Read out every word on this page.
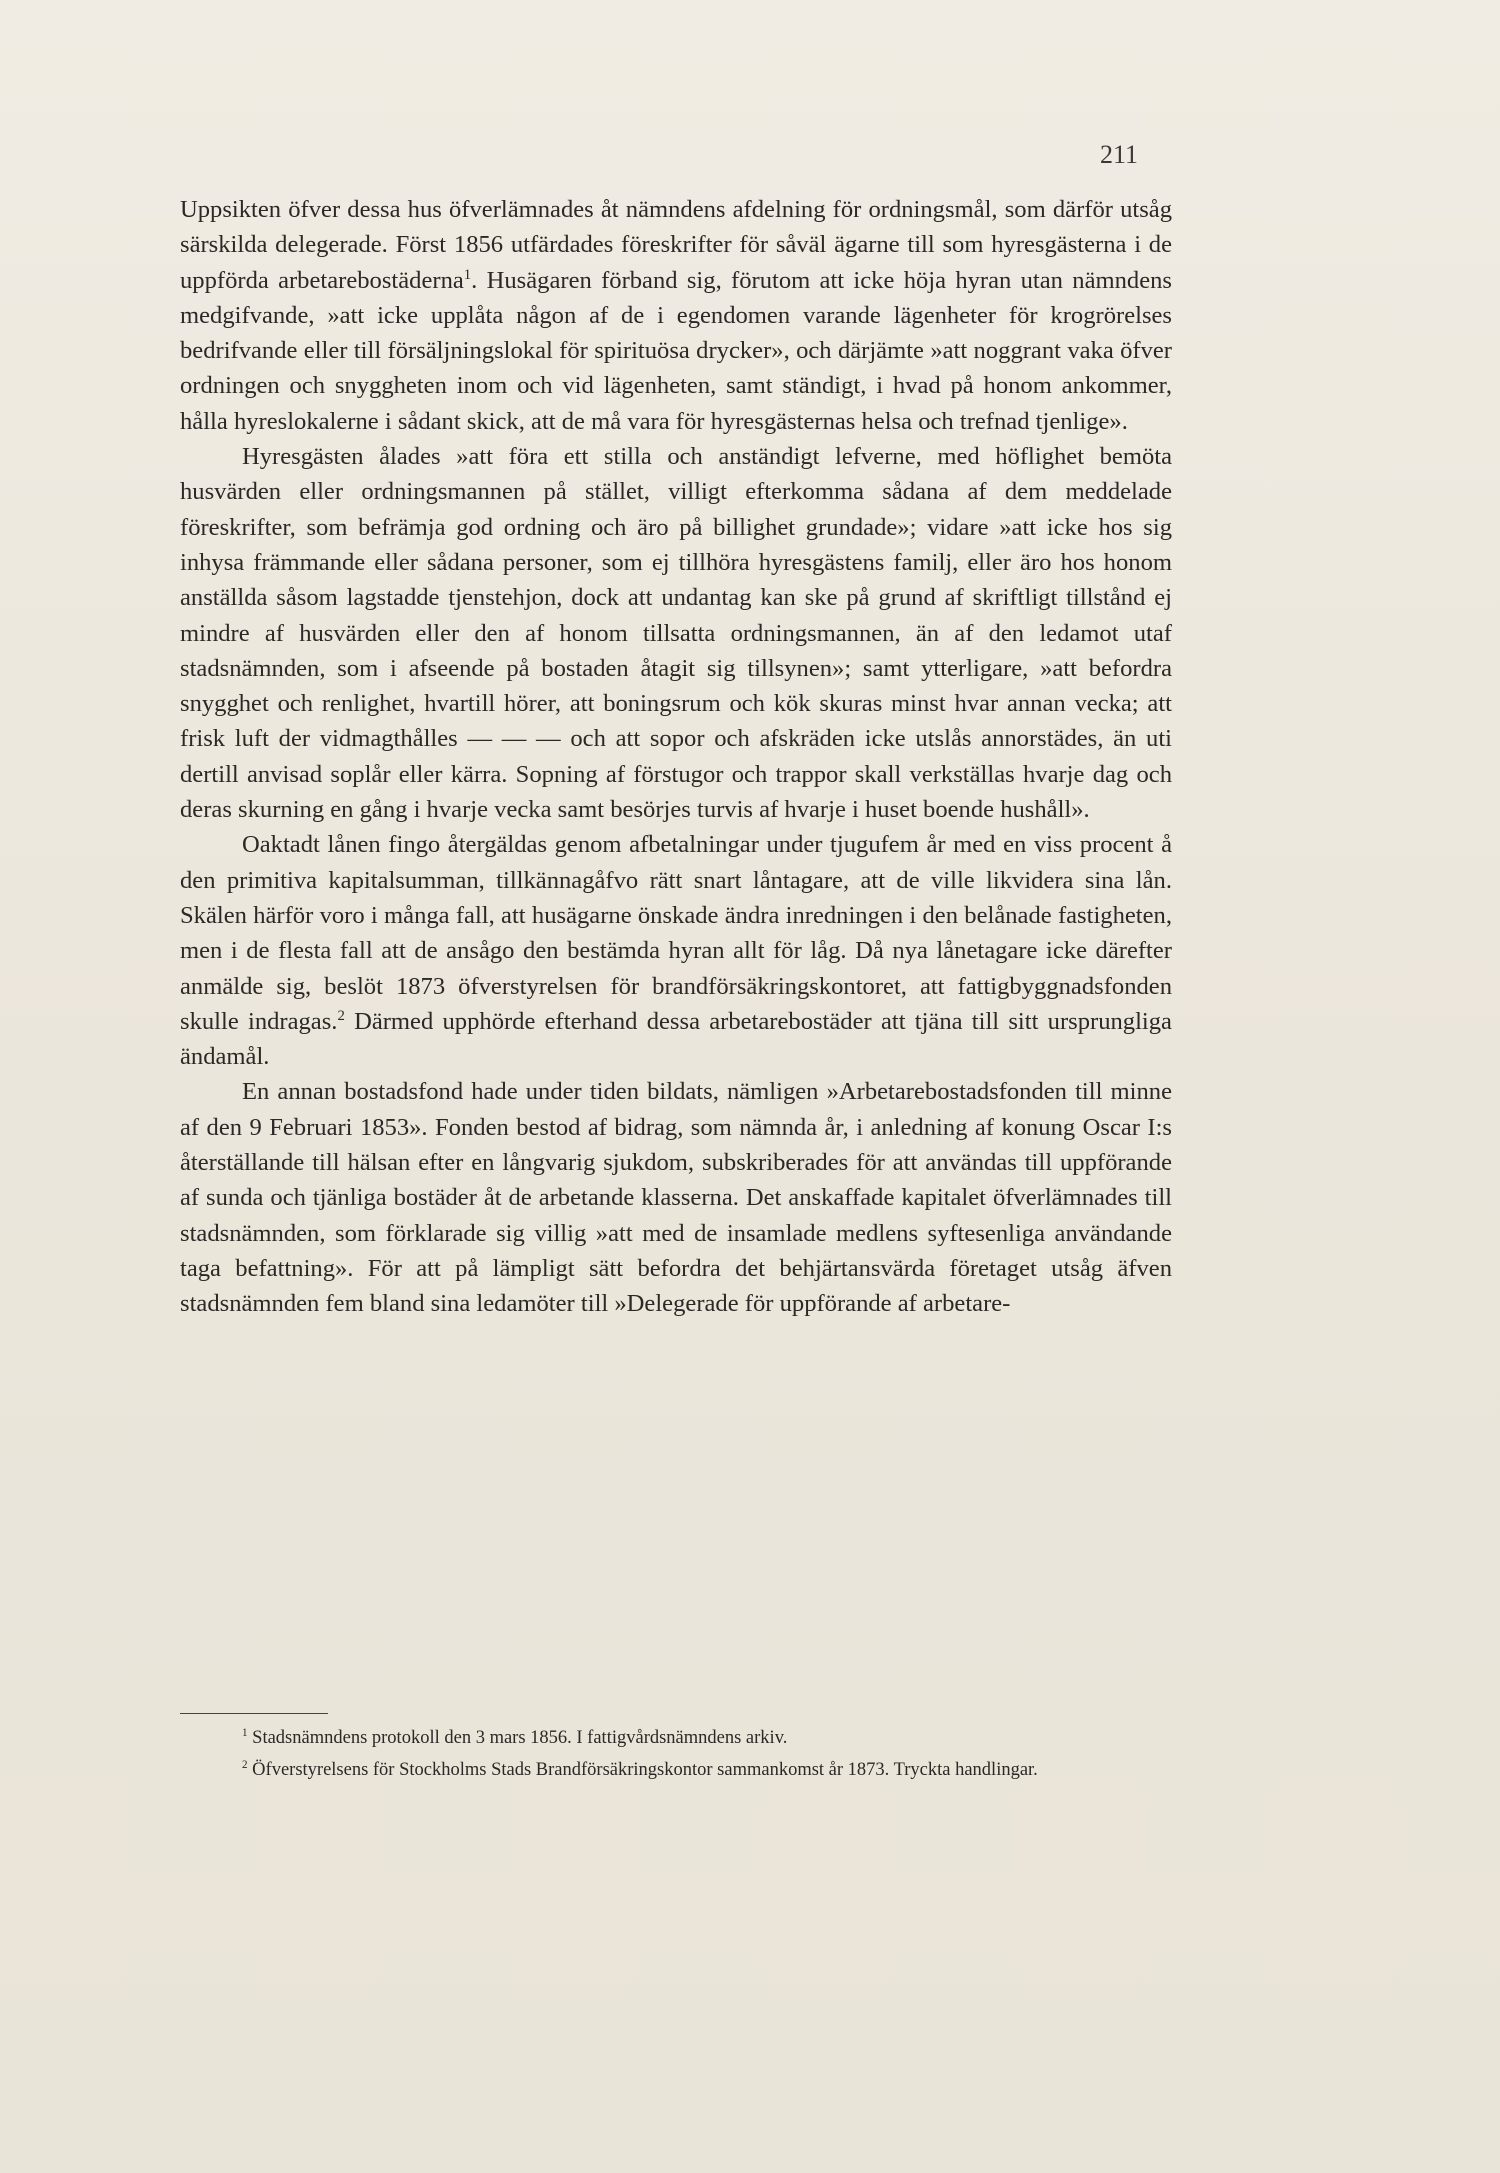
211

Uppsikten öfver dessa hus öfverlämnades åt nämndens afdelning för ordningsmål, som därför utsåg särskilda delegerade. Först 1856 utfärdades föreskrifter för såväl ägarne till som hyresgästerna i de uppförda arbetarebostäderna$^1$. Husägaren förband sig, förutom att icke höja hyran utan nämndens medgifvande, »att icke upplåta någon af de i egendomen varande lägenheter för krogrörelses bedrifvande eller till försäljningslokal för spirituösa drycker», och därjämte »att noggrant vaka öfver ordningen och snyggheten inom och vid lägenheten, samt ständigt, i hvad på honom ankommer, hålla hyreslokalerne i sådant skick, att de må vara för hyresgästernas helsa och trefnad tjenlige».

Hyresgästen ålades »att föra ett stilla och anständigt lefverne, med höflighet bemöta husvärden eller ordningsmannen på stället, villigt efterkomma sådana af dem meddelade föreskrifter, som befrämja god ordning och äro på billighet grundade»; vidare »att icke hos sig inhysa främmande eller sådana personer, som ej tillhöra hyresgästens familj, eller äro hos honom anställda såsom lagstadde tjenstehjon, dock att undantag kan ske på grund af skriftligt tillstånd ej mindre af husvärden eller den af honom tillsatta ordningsmannen, än af den ledamot utaf stadsnämnden, som i afseende på bostaden åtagit sig tillsynen»; samt ytterligare, »att befordra snygghet och renlighet, hvartill hörer, att boningsrum och kök skuras minst hvar annan vecka; att frisk luft der vidmagthålles — — — och att sopor och afskräden icke utslås annorstädes, än uti dertill anvisad soplår eller kärra. Sopning af förstugor och trappor skall verkställas hvarje dag och deras skurning en gång i hvarje vecka samt besörjes turvis af hvarje i huset boende hushåll».

Oaktadt lånen fingo återgäldas genom afbetalningar under tjugufem år med en viss procent å den primitiva kapitalsumman, tillkännagåfvo rätt snart låntagare, att de ville likvidera sina lån. Skälen härför voro i många fall, att husägarne önskade ändra inredningen i den belånade fastigheten, men i de flesta fall att de ansågo den bestämda hyran allt för låg. Då nya lånetagare icke därefter anmälde sig, beslöt 1873 öfverstyrelsen för brandförsäkringskontoret, att fattigbyggnadsfonden skulle indragas.$^2$ Därmed upphörde efterhand dessa arbetarebostäder att tjäna till sitt ursprungliga ändamål.

En annan bostadsfond hade under tiden bildats, nämligen »Arbetarebostadsfonden till minne af den 9 Februari 1853». Fonden bestod af bidrag, som nämnda år, i anledning af konung Oscar I:s återställande till hälsan efter en långvarig sjukdom, subskriberades för att användas till uppförande af sunda och tjänliga bostäder åt de arbetande klasserna. Det anskaffade kapitalet öfverlämnades till stadsnämnden, som förklarade sig villig »att med de insamlade medlens syftesenliga användande taga befattning». För att på lämpligt sätt befordra det behjärtansvärda företaget utsåg äfven stadsnämnden fem bland sina ledamöter till »Delegerade för uppförande af arbetare-

$^1$ Stadsnämndens protokoll den 3 mars 1856. I fattigvårdsnämndens arkiv.

$^2$ Öfverstyrelsens för Stockholms Stads Brandförsäkringskontor sammankomst år 1873. Tryckta handlingar.
